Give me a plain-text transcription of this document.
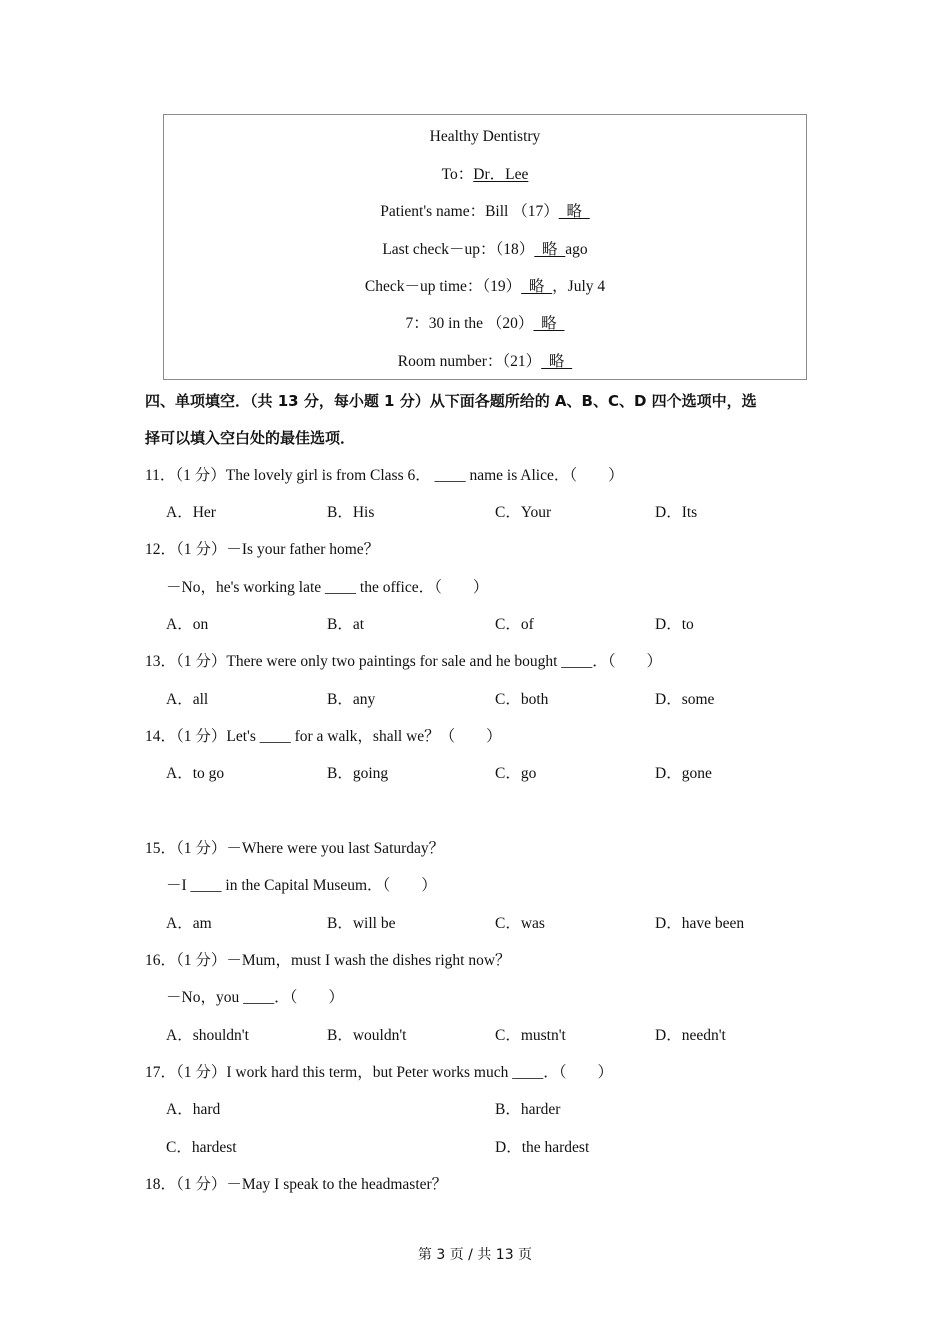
Healthy Dentistry
To：Dr．Lee
Patient's name：Bill （17）  略
Last check－up：（18）  略  ago
Check－up time：（19）  略  ，July 4
7：30 in the （20）  略
Room number：（21）  略
四、单项填空．（共 13 分，每小题 1 分）从下面各题所给的 A、B、C、D 四个选项中，选
择可以填入空白处的最佳选项．
11．（1 分）The lovely girl is from Class 6． ____ name is Alice．（　　）
A．Her	B．His	C．Your	D．Its
12．（1 分）－Is your father home？
－No，he's working late ____ the office．（　　）
A．on	B．at	C．of	D．to
13．（1 分）There were only two paintings for sale and he bought ____．（　　）
A．all	B．any	C．both	D．some
14．（1 分）Let's ____ for a walk，shall we？（　　）
A．to go	B．going	C．go	D．gone
15．（1 分）－Where were you last Saturday？
－I ____ in the Capital Museum．（　　）
A．am	B．will be	C．was	D．have been
16．（1 分）－Mum，must I wash the dishes right now？
－No，you ____．（　　）
A．shouldn't	B．wouldn't	C．mustn't	D．needn't
17．（1 分）I work hard this term，but Peter works much ____．（　　）
A．hard	B．harder
C．hardest	D．the hardest
18．（1 分）－May I speak to the headmaster？
第 3 页 / 共 13 页
